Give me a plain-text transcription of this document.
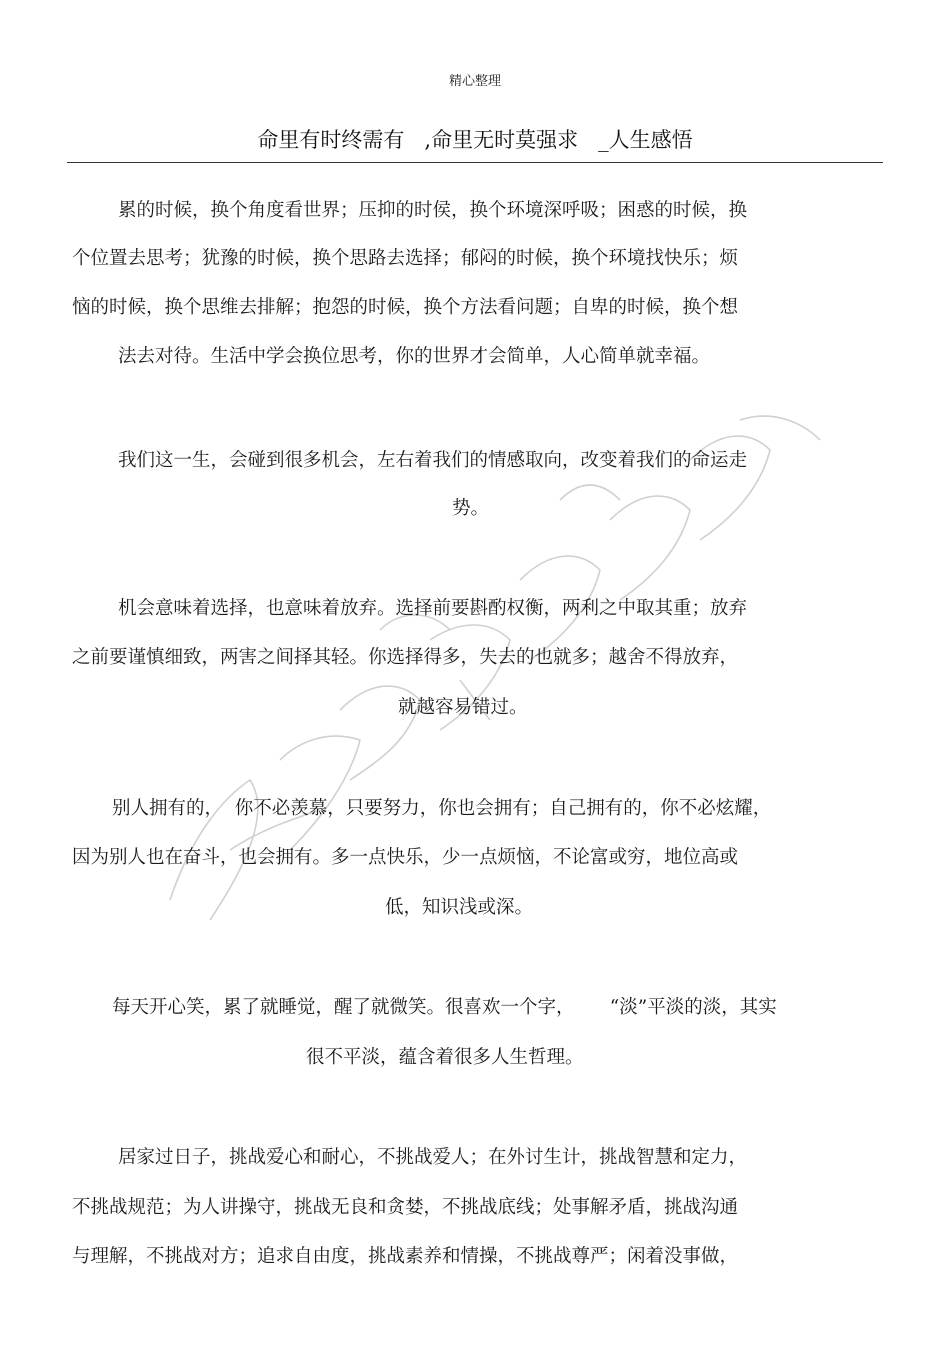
精心整理
命里有时终需有   ,命里无时莫强求   _人生感悟
累的时候，换个角度看世界；压抑的时侯，换个环境深呼吸；困惑的时候，换
个位置去思考；犹豫的时候，换个思路去选择；郁闷的时候，换个环境找快乐；烦
恼的时候，换个思维去排解；抱怨的时候，换个方法看问题；自卑的时候，换个想
法去对待。生活中学会换位思考，你的世界才会简单，人心简单就幸福。
我们这一生，会碰到很多机会，左右着我们的情感取向，改变着我们的命运走
势。
机会意味着选择，也意味着放弃。选择前要斟酌权衡，两利之中取其重；放弃
之前要谨慎细致，两害之间择其轻。你选择得多，失去的也就多；越舍不得放弃，
就越容易错过。
别人拥有的，  你不必羡慕，只要努力，你也会拥有；自己拥有的，你不必炫耀，
因为别人也在奋斗，也会拥有。多一点快乐，少一点烦恼，不论富或穷，地位高或
低，知识浅或深。
每天开心笑，累了就睡觉，醒了就微笑。很喜欢一个字，      “淡”平淡的淡，其实
很不平淡，蕴含着很多人生哲理。
居家过日子，挑战爱心和耐心，不挑战爱人；在外讨生计，挑战智慧和定力，
不挑战规范；为人讲操守，挑战无良和贪婪，不挑战底线；处事解矛盾，挑战沟通
与理解，不挑战对方；追求自由度，挑战素养和情操，不挑战尊严；闲着没事做，
